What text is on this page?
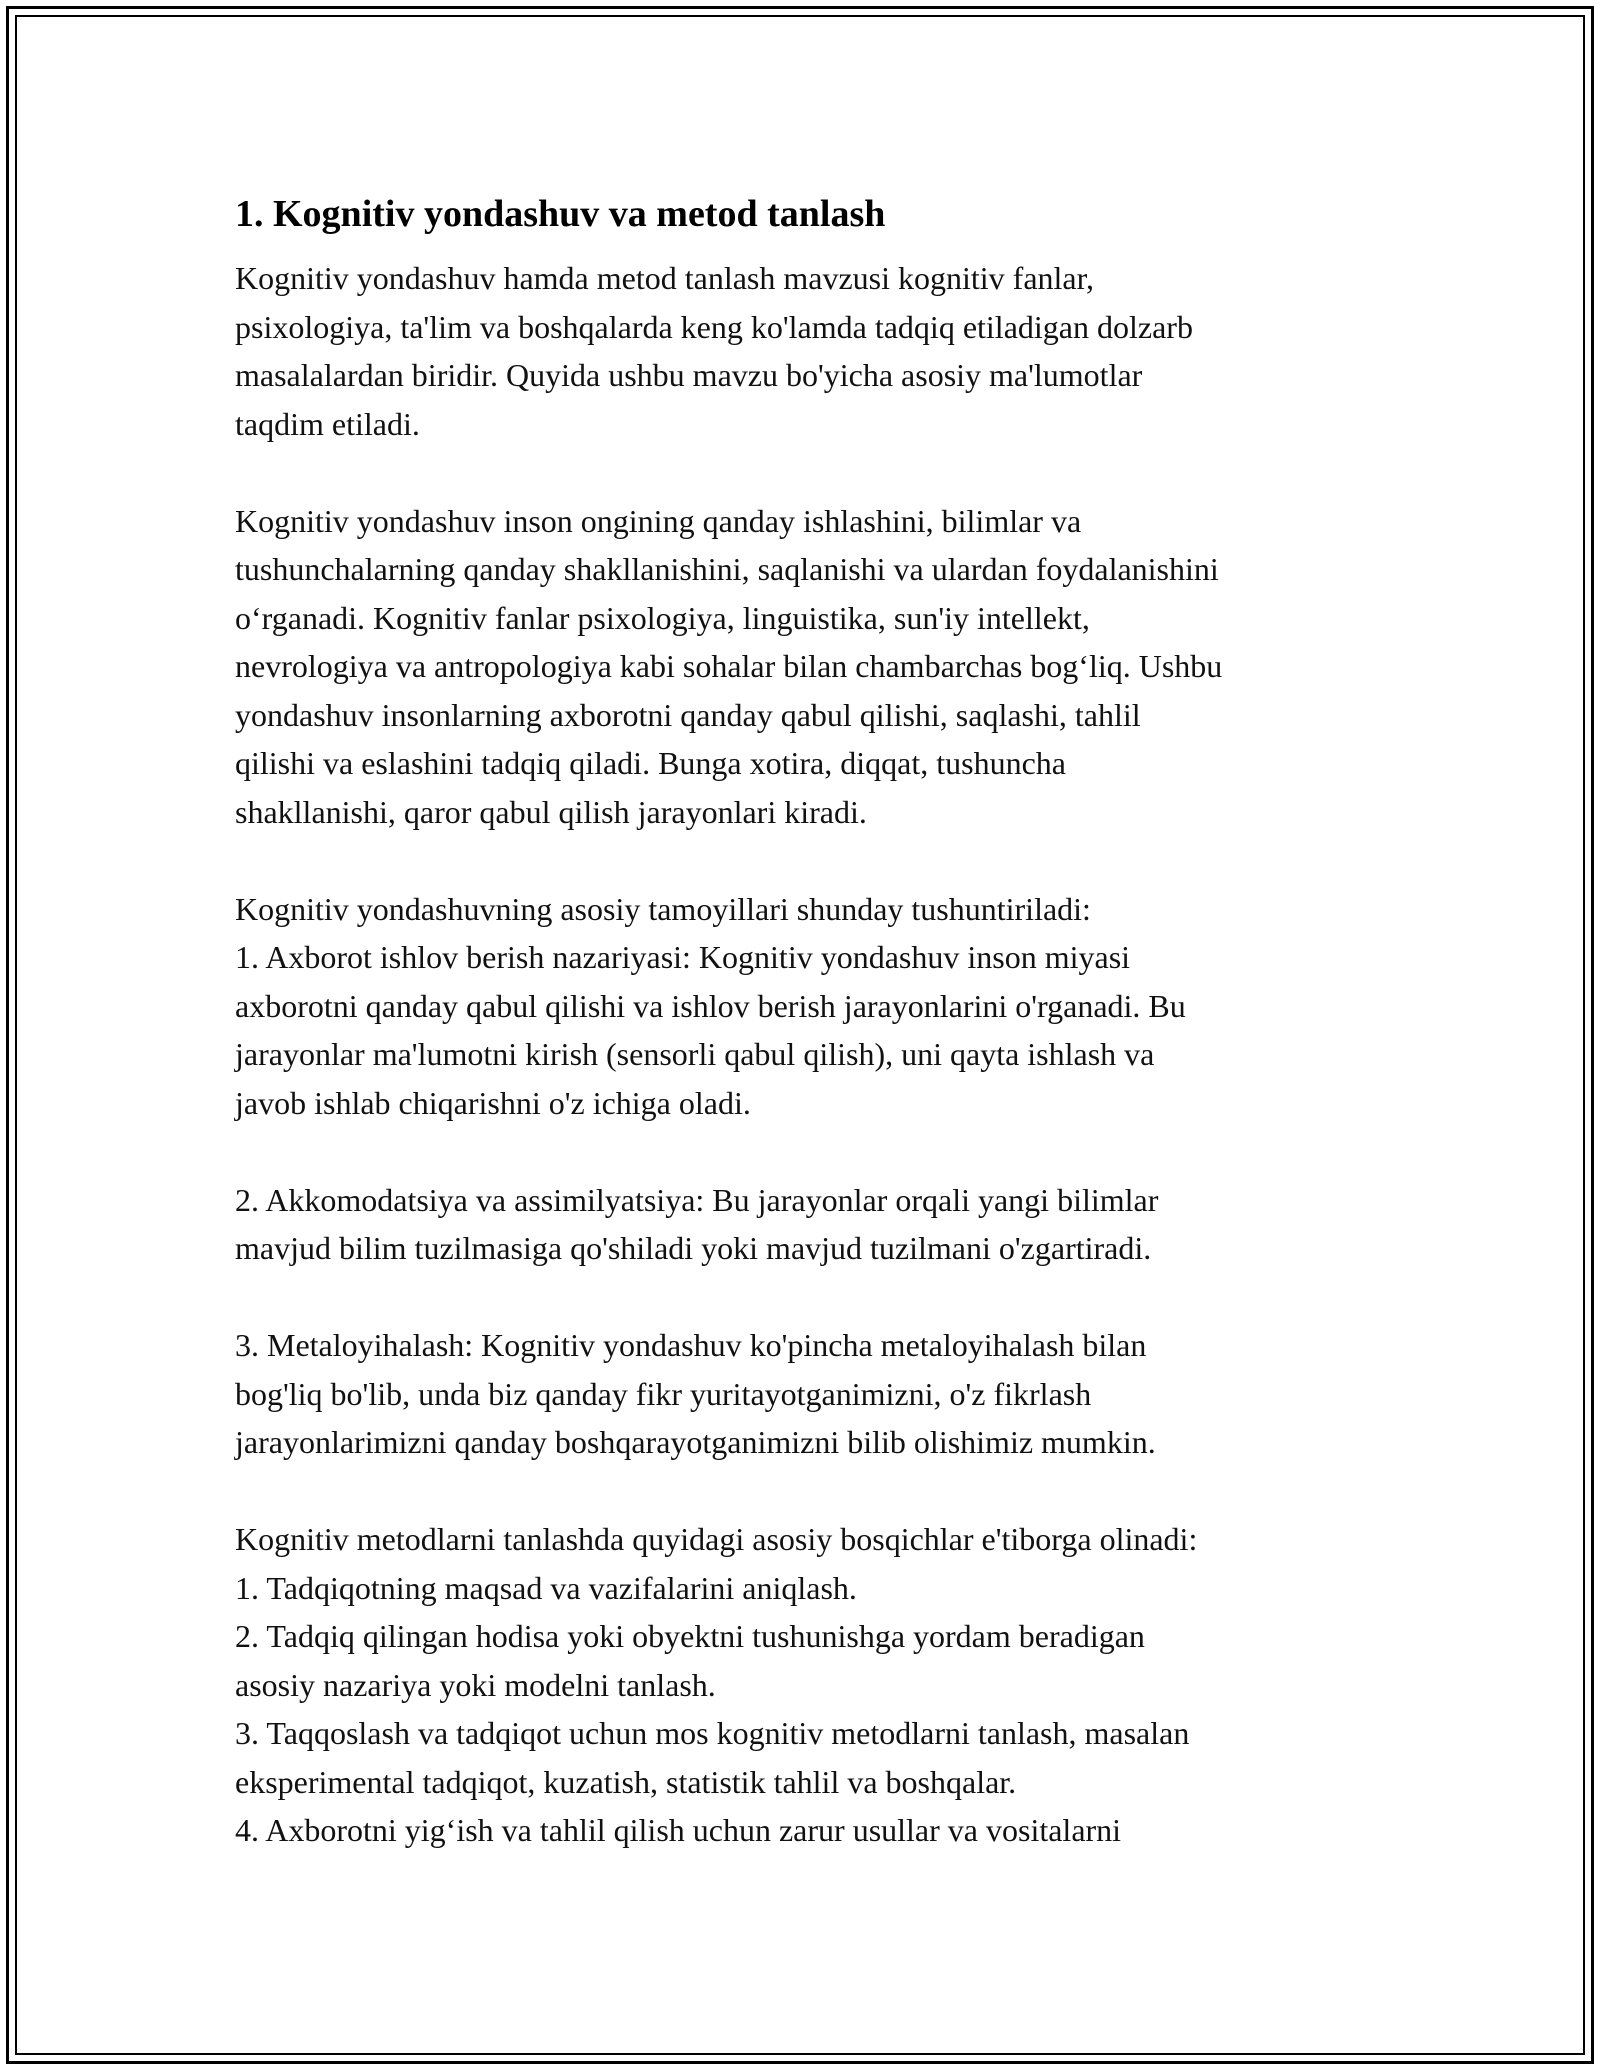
1. Kognitiv yondashuv va metod tanlash
Kognitiv yondashuv hamda metod tanlash mavzusi kognitiv fanlar,
psixologiya, ta'lim va boshqalarda keng ko'lamda tadqiq etiladigan dolzarb
masalalardan biridir. Quyida ushbu mavzu bo'yicha asosiy ma'lumotlar
taqdim etiladi.
Kognitiv yondashuv inson ongining qanday ishlashini, bilimlar va
tushunchalarning qanday shakllanishini, saqlanishi va ulardan foydalanishini
o‘rganadi. Kognitiv fanlar psixologiya, linguistika, sun'iy intellekt,
nevrologiya va antropologiya kabi sohalar bilan chambarchas bog‘liq. Ushbu
yondashuv insonlarning axborotni qanday qabul qilishi, saqlashi, tahlil
qilishi va eslashini tadqiq qiladi. Bunga xotira, diqqat, tushuncha
shakllanishi, qaror qabul qilish jarayonlari kiradi.
Kognitiv yondashuvning asosiy tamoyillari shunday tushuntiriladi:
1. Axborot ishlov berish nazariyasi: Kognitiv yondashuv inson miyasi
axborotni qanday qabul qilishi va ishlov berish jarayonlarini o'rganadi. Bu
jarayonlar ma'lumotni kirish (sensorli qabul qilish), uni qayta ishlash va
javob ishlab chiqarishni o'z ichiga oladi.
2. Akkomodatsiya va assimilyatsiya: Bu jarayonlar orqali yangi bilimlar
mavjud bilim tuzilmasiga qo'shiladi yoki mavjud tuzilmani o'zgartiradi.
3. Metaloyihalash: Kognitiv yondashuv ko'pincha metaloyihalash bilan
bog'liq bo'lib, unda biz qanday fikr yuritayotganimizni, o'z fikrlash
jarayonlarimizni qanday boshqarayotganimizni bilib olishimiz mumkin.
Kognitiv metodlarni tanlashda quyidagi asosiy bosqichlar e'tiborga olinadi:
1. Tadqiqotning maqsad va vazifalarini aniqlash.
2. Tadqiq qilingan hodisa yoki obyektni tushunishga yordam beradigan
asosiy nazariya yoki modelni tanlash.
3. Taqqoslash va tadqiqot uchun mos kognitiv metodlarni tanlash, masalan
eksperimental tadqiqot, kuzatish, statistik tahlil va boshqalar.
4. Axborotni yig‘ish va tahlil qilish uchun zarur usullar va vositalarni
